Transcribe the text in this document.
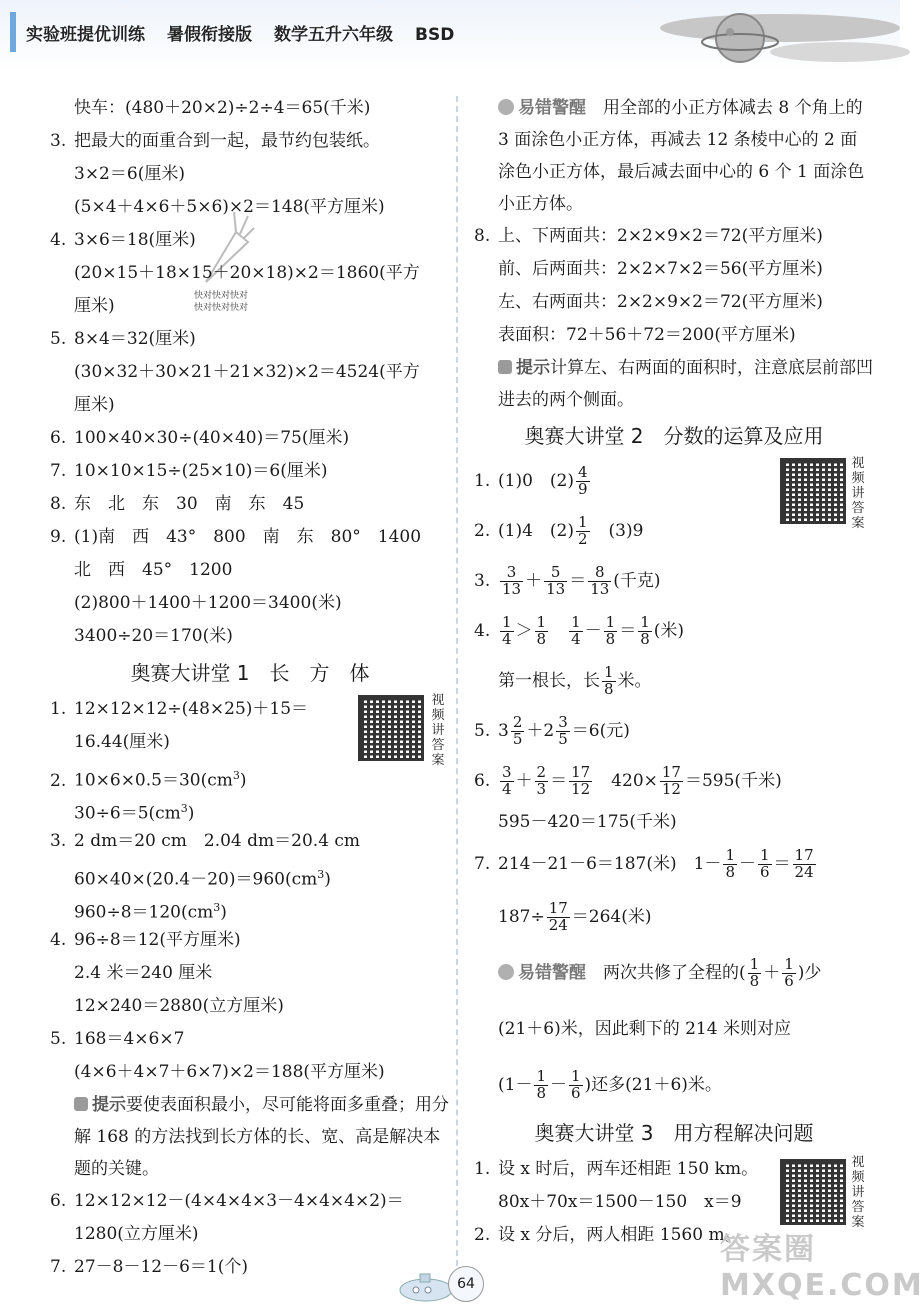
实验班提优训练 暑假衔接版 数学五升六年级 BSD
快对快对快对
快对快对快对
快车：(480＋20×2)÷2÷4＝65(千米)
3. 把最大的面重合到一起，最节约包装纸。
3×2＝6(厘米)
(5×4＋4×6＋5×6)×2＝148(平方厘米)
4. 3×6＝18(厘米)
(20×15＋18×15＋20×18)×2＝1860(平方
厘米)
5. 8×4＝32(厘米)
(30×32＋30×21＋21×32)×2＝4524(平方
厘米)
6. 100×40×30÷(40×40)＝75(厘米)
7. 10×10×15÷(25×10)＝6(厘米)
8. 东　北　东　30　南　东　45
9. (1)南　西　43°　800　南　东　80°　1400
北　西　45°　1200
(2)800＋1400＋1200＝3400(米)
3400÷20＝170(米)
奥赛大讲堂 1　长　方　体
视频讲答案
1. 12×12×12÷(48×25)＋15＝
16.44(厘米)
2. $10\times 6\times 0.5=30(cm^3)$
$30\div 6=5(cm^3)$
3. 2 dm＝20 cm　2.04 dm＝20.4 cm
$60\times 40\times(20.4-20)=960(cm^3)$
$960\div 8=120(cm^3)$
4. 96÷8＝12(平方厘米)
2.4 米＝240 厘米
12×240＝2880(立方厘米)
5. 168＝4×6×7
(4×6＋4×7＋6×7)×2＝188(平方厘米)
提示要使表面积最小，尽可能将面多重叠；用分解 168 的方法找到长方体的长、宽、高是解决本题的关键。
6. 12×12×12－(4×4×4×3－4×4×4×2)＝
1280(立方厘米)
7. 27－8－12－6＝1(个)
易错警醒　 用全部的小正方体减去 8 个角上的 3 面涂色小正方体，再减去 12 条棱中心的 2 面涂色小正方体，最后减去面中心的 6 个 1 面涂色小正方体。
8. 上、下两面共：2×2×9×2＝72(平方厘米)
前、后两面共：2×2×7×2＝56(平方厘米)
左、右两面共：2×2×9×2＝72(平方厘米)
表面积：72＋56＋72＝200(平方厘米)
提示计算左、右两面的面积时，注意底层前部凹进去的两个侧面。
奥赛大讲堂 2　分数的运算及应用
视频讲答案
1. (1)0　$(2) \frac{4}{9}$
2. (1)4　$(2) \frac{1}{2}$ 　(3)9
3. $\frac{3}{13} + \frac{5}{13} = \frac{8}{13}$ (千克)
4. $\frac{1}{4} > \frac{1}{8}$
　 $\frac{1}{4} - \frac{1}{8} = \frac{1}{8}$ (米)
第一根长，长 $\frac{1}{8}$ 米。
5. $3 \frac{2}{5} +2 \frac{3}{5} =6$(元)
6. $\frac{3}{4} + \frac{2}{3} = \frac{17}{12}$ 　$420\times \frac{17}{12} =595$(千米)
595－420＝175(千米)
7. 214－21－6＝187(米)　$1- \frac{1}{8} - \frac{1}{6} = \frac{17}{24}$
$187\div \frac{17}{24} =264$(米)
易错警醒　 两次共修了全程的( $\frac{1}{8} + \frac{1}{6}$ )少
(21＋6)米，因此剩下的 214 米则对应
($1- \frac{1}{8} - \frac{1}{6}$ )还多(21＋6)米。
奥赛大讲堂 3　用方程解决问题
视频讲答案
1. 设 x 时后，两车还相距 150 km。
80x＋70x＝1500－150　x＝9
2. 设 x 分后，两人相距 1560 m。
64
答案圈 MXQE.COM
